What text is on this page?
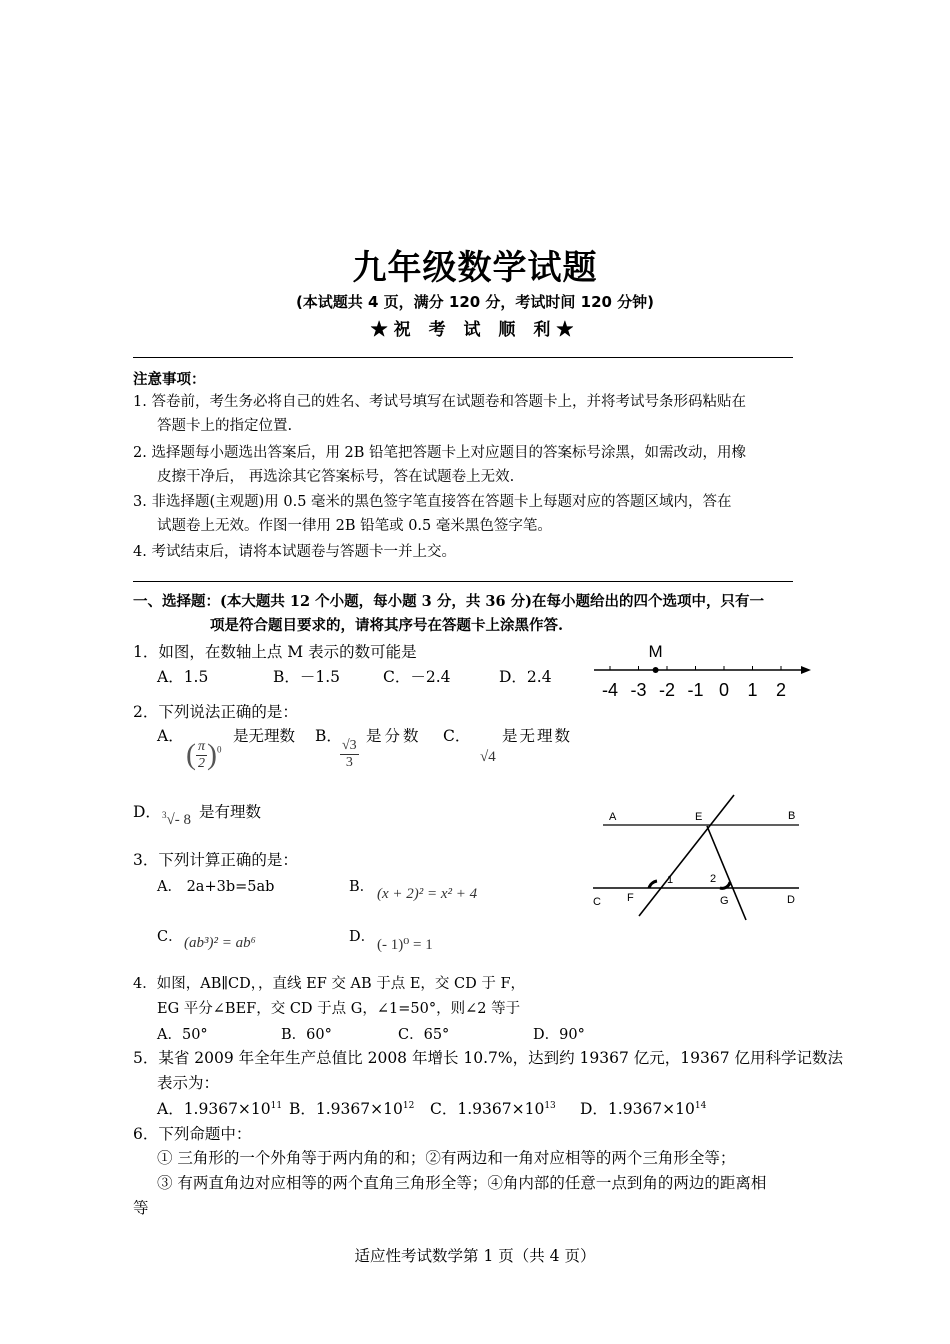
九年级数学试题
(本试题共 4 页，满分 120 分，考试时间 120 分钟)
★祝 考 试 顺 利★
注意事项：
1. 答卷前，考生务必将自己的姓名、考试号填写在试题卷和答题卡上，并将考试号条形码粘贴在
答题卡上的指定位置.
2. 选择题每小题选出答案后，用 2B 铅笔把答题卡上对应题目的答案标号涂黑，如需改动，用橡
皮擦干净后， 再选涂其它答案标号，答在试题卷上无效.
3. 非选择题(主观题)用 0.5 毫米的黑色签字笔直接答在答题卡上每题对应的答题区域内，答在
试题卷上无效。作图一律用 2B 铅笔或 0.5 毫米黑色签字笔。
4. 考试结束后，请将本试题卷与答题卡一并上交。
一、选择题：(本大题共 12 个小题，每小题 3 分，共 36 分)在每小题给出的四个选项中，只有一
项是符合题目要求的，请将其序号在答题卡上涂黑作答.
1．如图，在数轴上点 M 表示的数可能是
A．1.5	B．－1.5	C．－2.4	D．2.4
-4 -3 -2 -1 0 1 2
M
2．下列说法正确的是：
A．
( $\frac{\pi}{2} )^0$
是无理数 B．
$\frac{√3}{3}$
是分数 C．
√4
是无理数
D． $^3$√- 8 是有理数	A	B
C	D
E
F	G
1	2
3．下列计算正确的是：
A． 2a+3b=5ab	B． (x + 2)² = x² + 4
C． (ab³)² = ab⁶	D． (- 1)⁰ = 1
4．如图，AB∥CD，，直线 EF 交 AB 于点 E，交 CD 于 F，
EG 平分∠BEF，交 CD 于点 G，∠1=50°，则∠2 等于
A．50°	B．60°	C．65°	D．90°
5．某省 2009 年全年生产总值比 2008 年增长 10.7%，达到约 19367 亿元，19367 亿用科学记数法
表示为：
A．$1.9367\times 10^{11}$ B．$1.9367\times 10^{12}$ C．$1.9367\times 10^{13}$ D．$1.9367\times 10^{14}$
6．下列命题中：
① 三角形的一个外角等于两内角的和；②有两边和一角对应相等的两个三角形全等；
③ 有两直角边对应相等的两个直角三角形全等；④角内部的任意一点到角的两边的距离相
等
适应性考试数学第 1 页（共 4 页）
